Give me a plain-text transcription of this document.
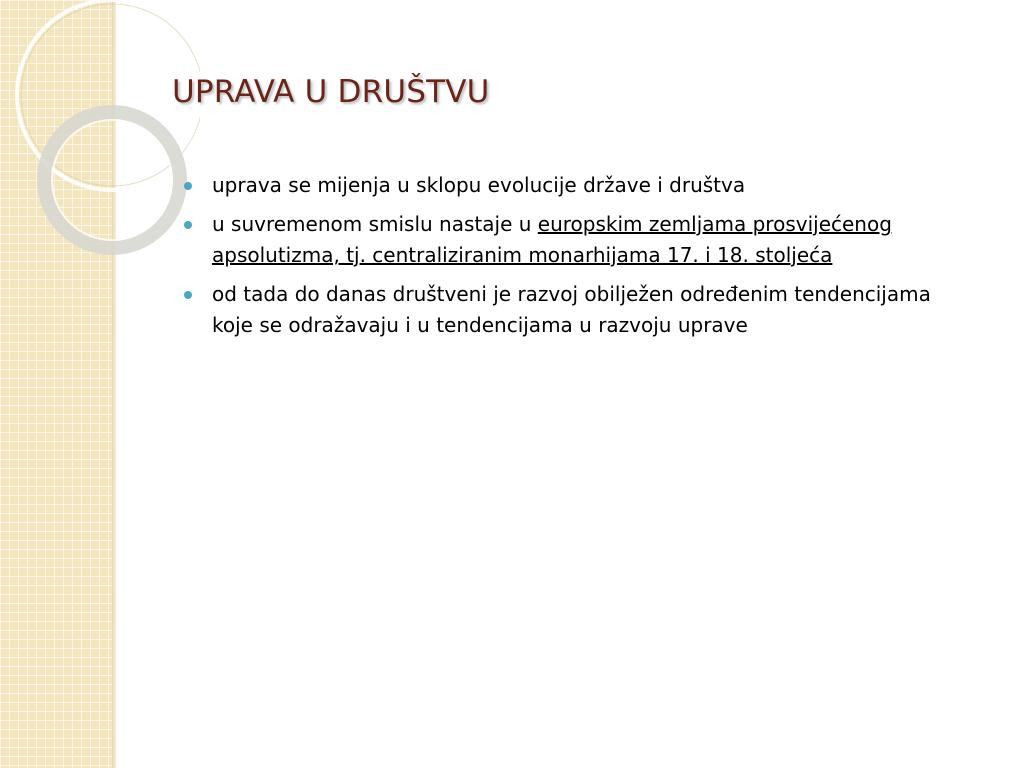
UPRAVA U DRUŠTVU
uprava se mijenja u sklopu evolucije države i društva
u suvremenom smislu nastaje u europskim zemljama prosvijećenog apsolutizma, tj. centraliziranim monarhijama 17. i 18. stoljeća
od tada do danas društveni je razvoj obilježen određenim tendencijama koje se odražavaju i u tendencijama u razvoju uprave
